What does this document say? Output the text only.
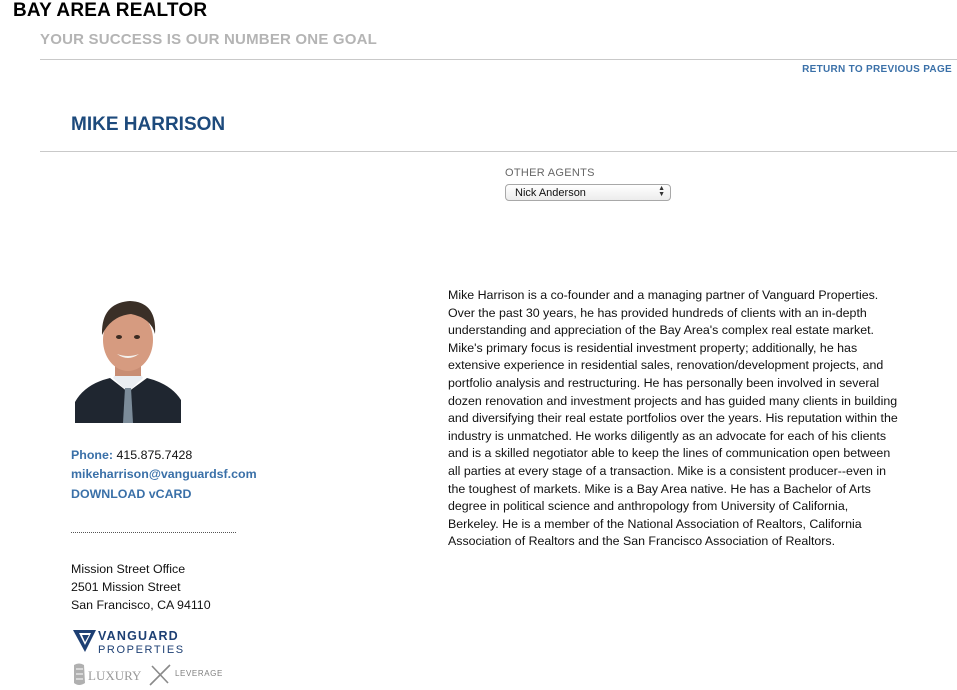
BAY AREA REALTOR
YOUR SUCCESS IS OUR NUMBER ONE GOAL
RETURN TO PREVIOUS PAGE
MIKE HARRISON
OTHER AGENTS
Nick Anderson	▲
▼
Mike Harrison is a co-founder and a managing partner of Vanguard Properties. Over the past 30 years, he has provided hundreds of clients with an in-depth understanding and appreciation of the Bay Area's complex real estate market. Mike's primary focus is residential investment property; additionally, he has extensive experience in residential sales, renovation/development projects, and portfolio analysis and restructuring. He has personally been involved in several dozen renovation and investment projects and has guided many clients in building and diversifying their real estate portfolios over the years. His reputation within the industry is unmatched. He works diligently as an advocate for each of his clients and is a skilled negotiator able to keep the lines of communication open between all parties at every stage of a transaction. Mike is a consistent producer--even in the toughest of markets. Mike is a Bay Area native. He has a Bachelor of Arts degree in political science and anthropology from University of California, Berkeley. He is a member of the National Association of Realtors, California Association of Realtors and the San Francisco Association of Realtors.
Phone: 415.875.7428
mikeharrison@vanguardsf.com
DOWNLOAD vCARD
Mission Street Office
2501 Mission Street
San Francisco, CA 94110
VANGUARD
PROPERTIES
LUXURY	LEVERAGE
